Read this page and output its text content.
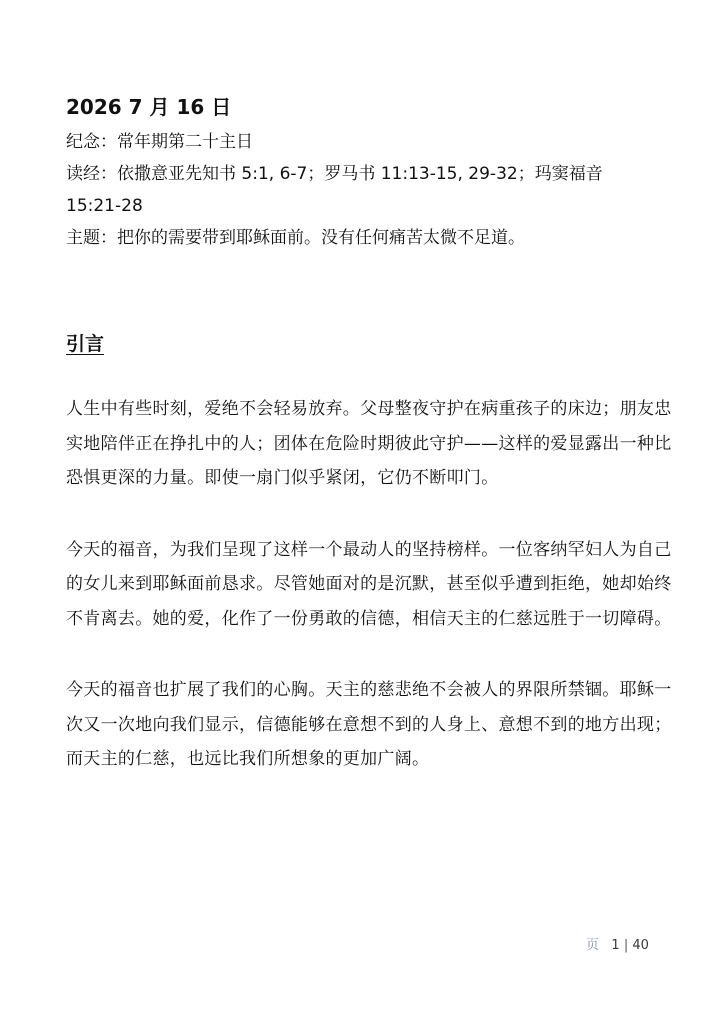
2026 7 月 16 日

纪念：常年期第二十主日

读经：依撒意亚先知书 5:1, 6-7；罗马书 11:13-15, 29-32；玛窦福音

15:21-28

主题：把你的需要带到耶稣面前。没有任何痛苦太微不足道。

引言

人生中有些时刻，爱绝不会轻易放弃。父母整夜守护在病重孩子的床边；朋友忠实地陪伴正在挣扎中的人；团体在危险时期彼此守护——这样的爱显露出一种比恐惧更深的力量。即使一扇门似乎紧闭，它仍不断叩门。

今天的福音，为我们呈现了这样一个最动人的坚持榜样。一位客纳罕妇人为自己的女儿来到耶稣面前恳求。尽管她面对的是沉默，甚至似乎遭到拒绝，她却始终不肯离去。她的爱，化作了一份勇敢的信德，相信天主的仁慈远胜于一切障碍。

今天的福音也扩展了我们的心胸。天主的慈悲绝不会被人的界限所禁锢。耶稣一次又一次地向我们显示，信德能够在意想不到的人身上、意想不到的地方出现；而天主的仁慈，也远比我们所想象的更加广阔。

页 1 | 40
